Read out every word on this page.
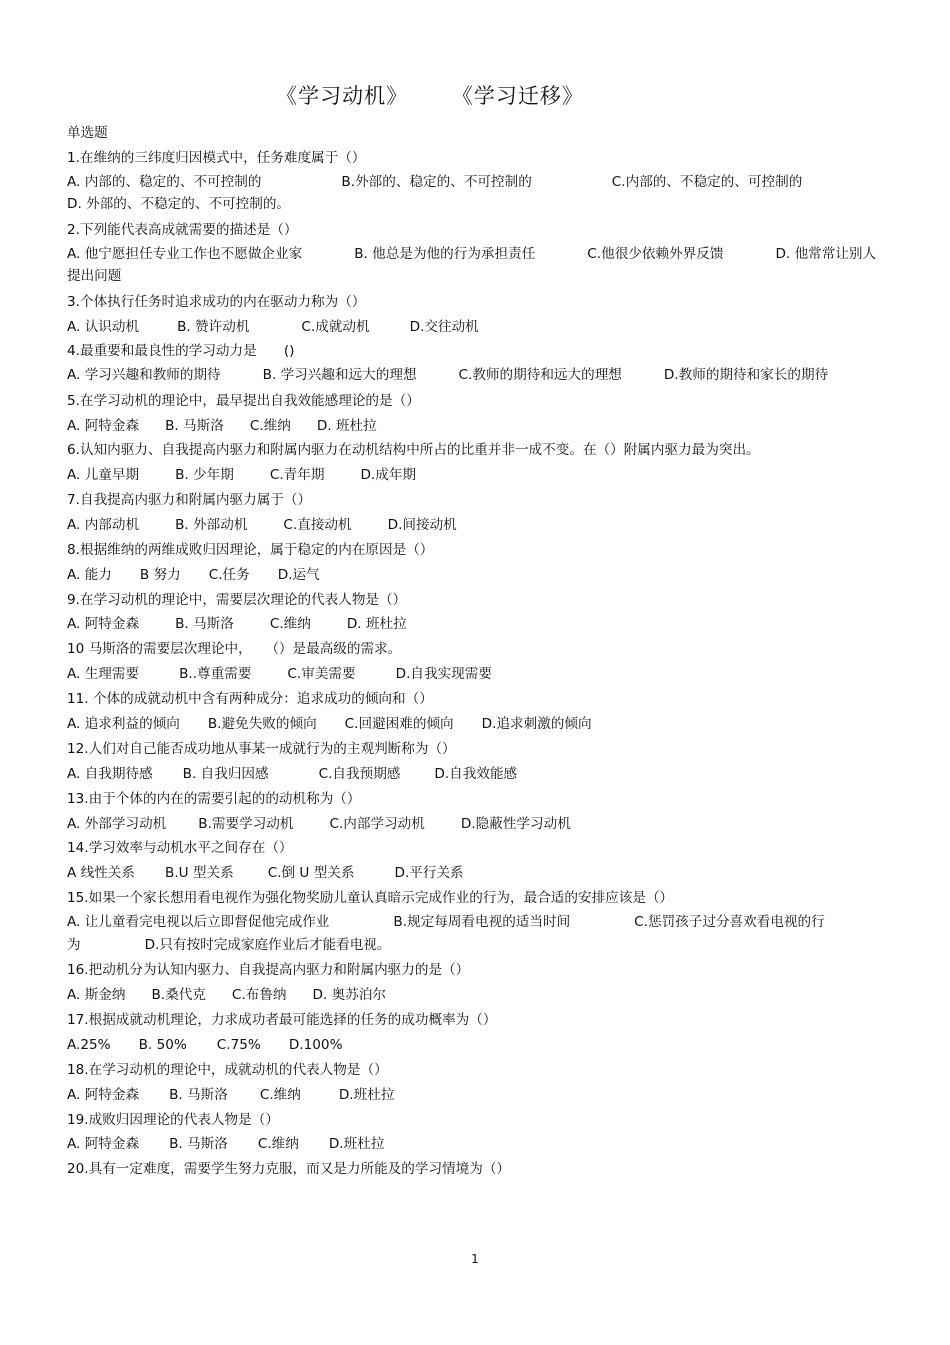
《学习动机》 《学习迁移》
单选题
1.在维纳的三纬度归因模式中，任务难度属于（）
A. 内部的、稳定的、不可控制的	B.外部的、稳定的、不可控制的	C.内部的、不稳定的、可控制的D. 外部的、不稳定的、不可控制的。
2.下列能代表高成就需要的描述是（）
A. 他宁愿担任专业工作也不愿做企业家	B. 他总是为他的行为承担责任	C.他很少依赖外界反馈	D. 他常常让别人提出问题
3.个体执行任务时追求成功的内在驱动力称为（）
A. 认识动机	B. 赞许动机	C.成就动机	D.交往动机
4.最重要和最良性的学习动力是　　()
A. 学习兴趣和教师的期待	B. 学习兴趣和远大的理想	C.教师的期待和远大的理想	D.教师的期待和家长的期待
5.在学习动机的理论中，最早提出自我效能感理论的是（）
A. 阿特金森 B. 马斯洛 C.维纳 D. 班杜拉
6.认知内驱力、自我提高内驱力和附属内驱力在动机结构中所占的比重并非一成不变。在（）附属内驱力最为突出。
A. 儿童早期	B. 少年期	C.青年期	D.成年期
7.自我提高内驱力和附属内驱力属于（）
A. 内部动机	B. 外部动机	C.直接动机	D.间接动机
8.根据维纳的两维成败归因理论，属于稳定的内在原因是（）
A. 能力 B 努力 C.任务 D.运气
9.在学习动机的理论中，需要层次理论的代表人物是（）
A. 阿特金森	B. 马斯洛	C.维纳	D. 班杜拉
10 马斯洛的需要层次理论中，　　（）是最高级的需求。
A. 生理需要	B..尊重需要	C.审美需要	D.自我实现需要
11. 个体的成就动机中含有两种成分：追求成功的倾向和（）
A. 追求利益的倾向 B.避免失败的倾向 C.回避困难的倾向 D.追求刺激的倾向
12.人们对自己能否成功地从事某一成就行为的主观判断称为（）
A. 自我期待感 B. 自我归因感	C.自我预期感	D.自我效能感
13.由于个体的内在的需要引起的的动机称为（）
A. 外部学习动机 B.需要学习动机	C.内部学习动机	D.隐蔽性学习动机
14.学习效率与动机水平之间存在（）
A 线性关系 B.U 型关系	C.倒 U 型关系	D.平行关系
15.如果一个家长想用看电视作为强化物奖励儿童认真暗示完成作业的行为，最合适的安排应该是（）
A. 让儿童看完电视以后立即督促他完成作业	B.规定每周看电视的适当时间	C.惩罚孩子过分喜欢看电视的行为	D.只有按时完成家庭作业后才能看电视。
16.把动机分为认知内驱力、自我提高内驱力和附属内驱力的是（）
A. 斯金纳 B.桑代克 C.布鲁纳 D. 奥苏泊尔
17.根据成就动机理论，力求成功者最可能选择的任务的成功概率为（）
A.25% B. 50% C.75% D.100%
18.在学习动机的理论中，成就动机的代表人物是（）
A. 阿特金森 B. 马斯洛 C.维纳	D.班杜拉
19.成败归因理论的代表人物是（）
A. 阿特金森 B. 马斯洛 C.维纳 D.班杜拉
20.具有一定难度，需要学生努力克服，而又是力所能及的学习情境为（）
1
